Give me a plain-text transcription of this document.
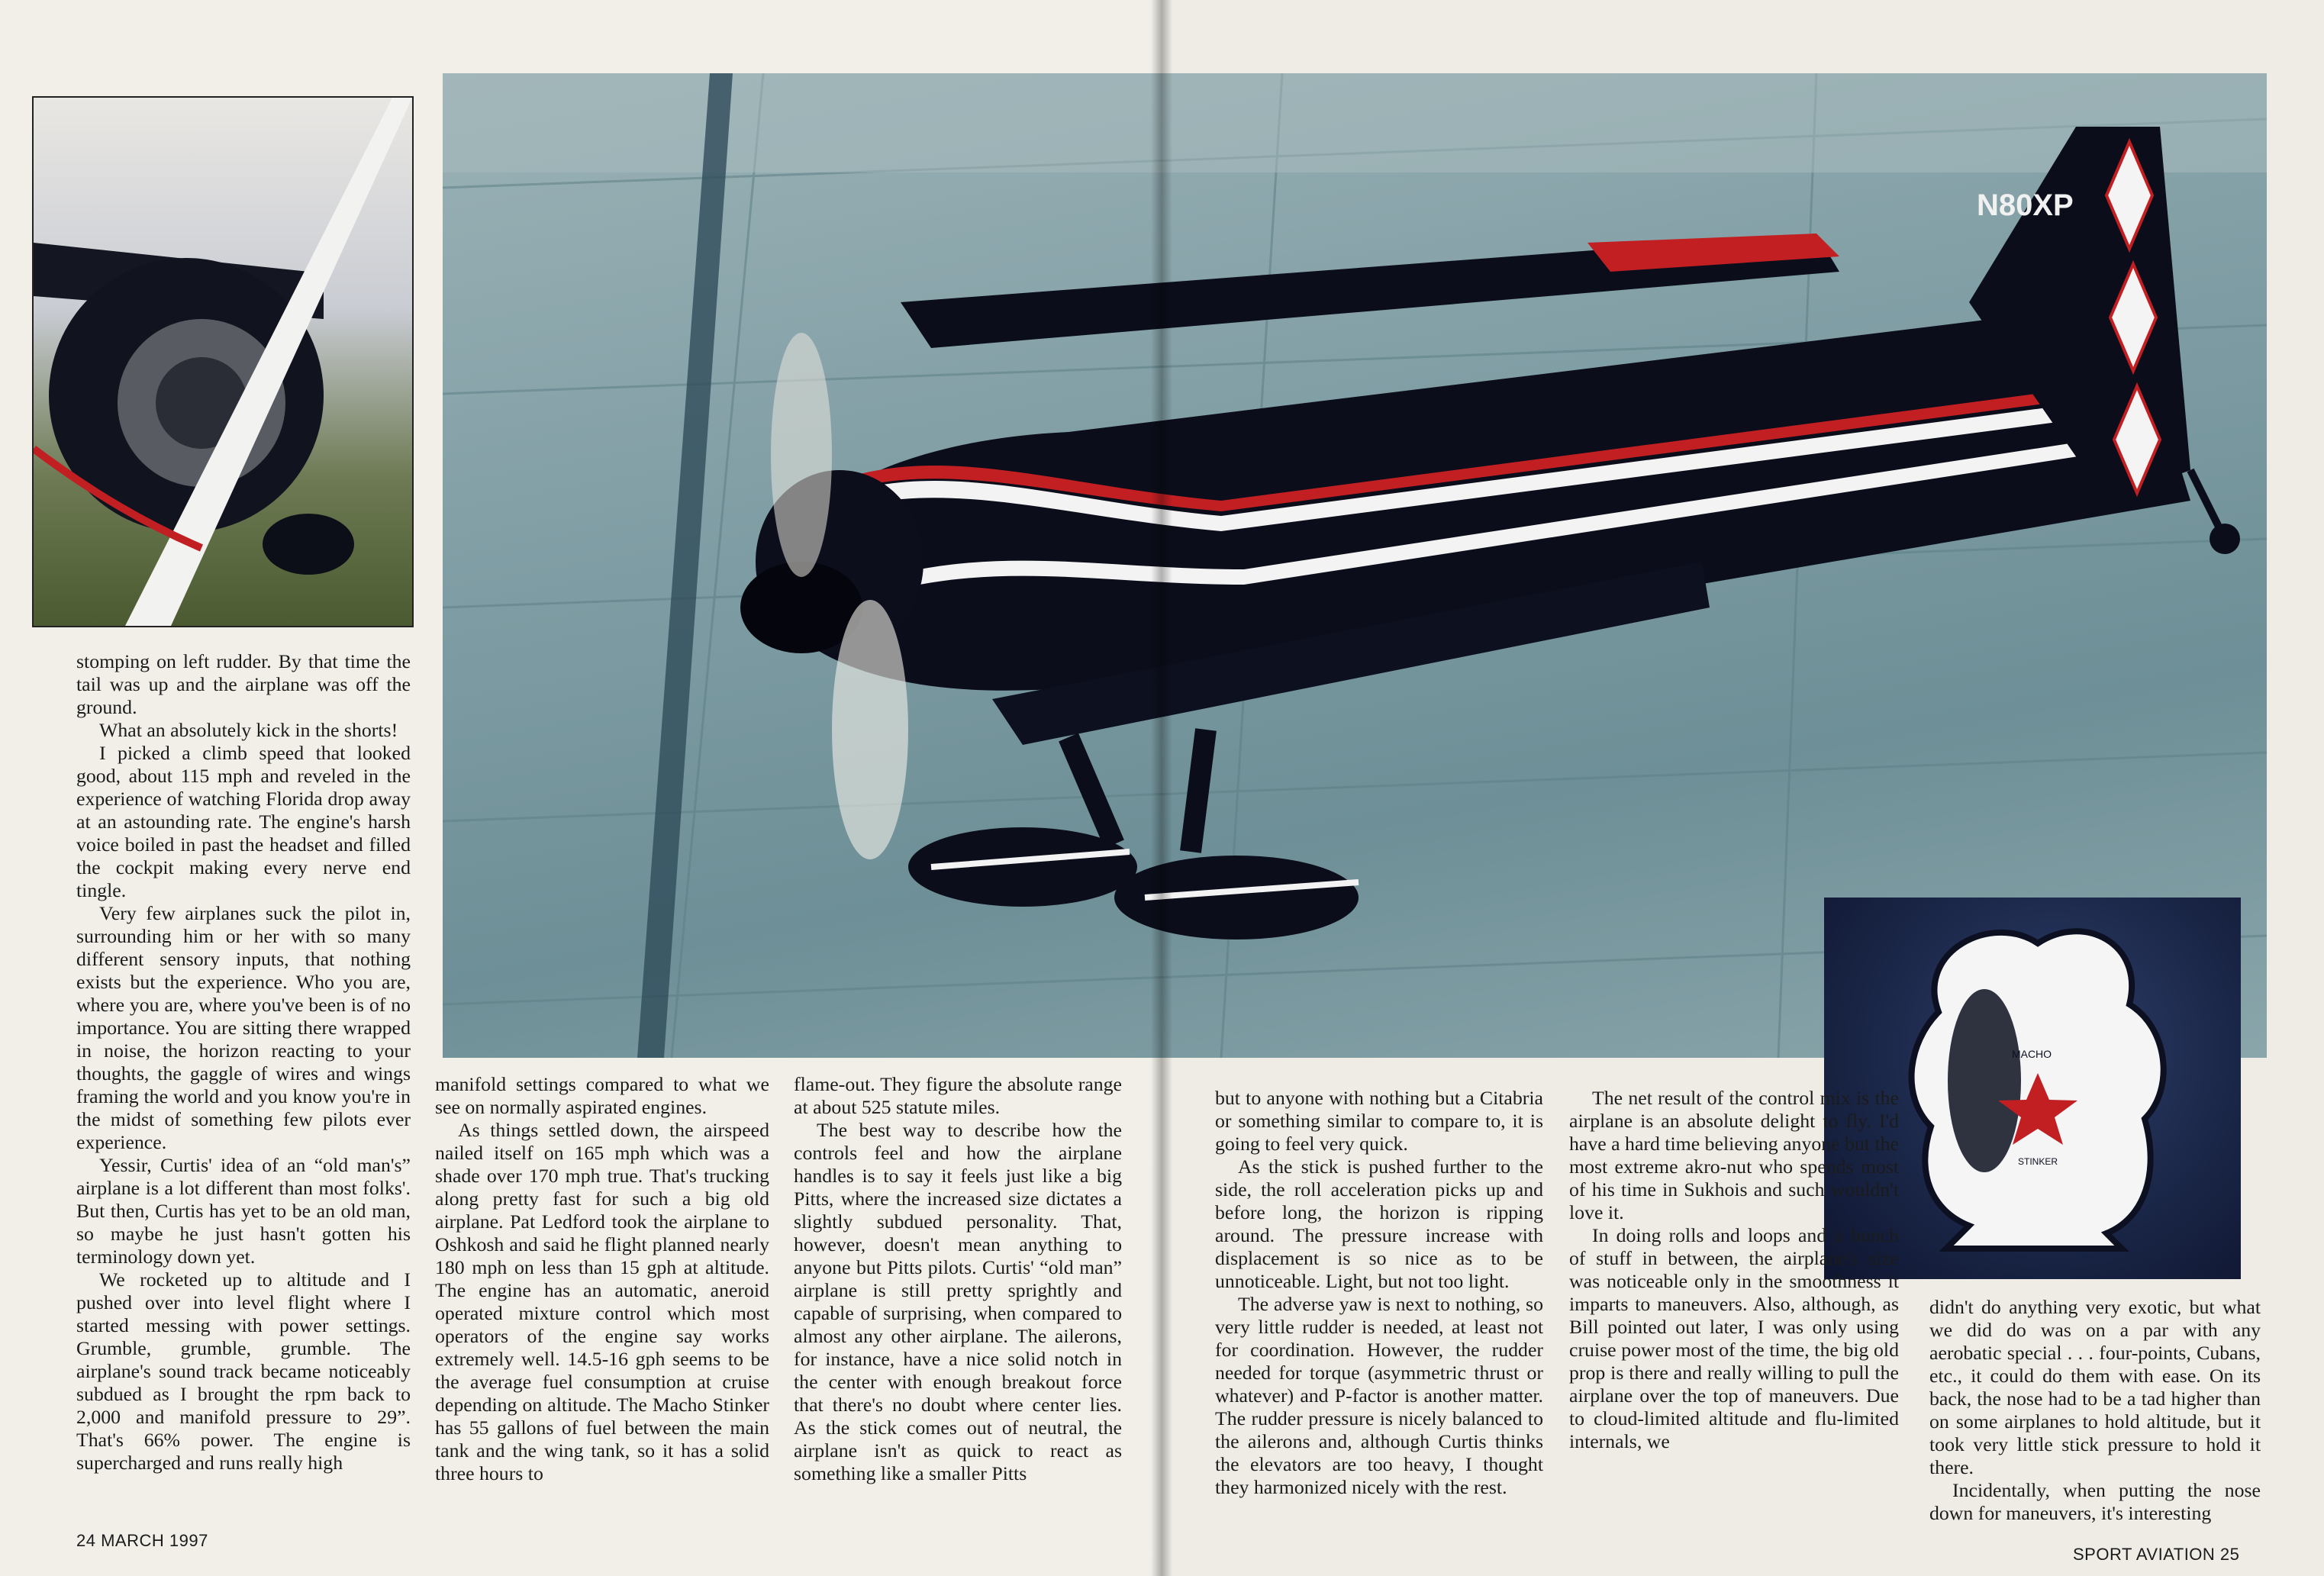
N80XP
MACHO
STINKER

stomping on left rudder. By that time the tail was up and the airplane was off the ground.

What an absolutely kick in the shorts!

I picked a climb speed that looked good, about 115 mph and reveled in the experience of watching Florida drop away at an astounding rate. The engine's harsh voice boiled in past the headset and filled the cockpit making every nerve end tingle.

Very few airplanes suck the pilot in, surrounding him or her with so many different sensory inputs, that nothing exists but the experience. Who you are, where you are, where you've been is of no importance. You are sitting there wrapped in noise, the horizon reacting to your thoughts, the gaggle of wires and wings framing the world and you know you're in the midst of something few pilots ever experience.

Yessir, Curtis' idea of an “old man's” airplane is a lot different than most folks'. But then, Curtis has yet to be an old man, so maybe he just hasn't gotten his terminology down yet.

We rocketed up to altitude and I pushed over into level flight where I started messing with power settings. Grumble, grumble, grumble. The airplane's sound track became noticeably subdued as I brought the rpm back to 2,000 and manifold pressure to 29”. That's 66% power. The engine is supercharged and runs really high

manifold settings compared to what we see on normally aspirated engines.

As things settled down, the airspeed nailed itself on 165 mph which was a shade over 170 mph true. That's trucking along pretty fast for such a big old airplane. Pat Ledford took the airplane to Oshkosh and said he flight planned nearly 180 mph on less than 15 gph at altitude. The engine has an automatic, aneroid operated mixture control which most operators of the engine say works extremely well. 14.5-16 gph seems to be the average fuel consumption at cruise depending on altitude. The Macho Stinker has 55 gallons of fuel between the main tank and the wing tank, so it has a solid three hours to

flame-out. They figure the absolute range at about 525 statute miles.

The best way to describe how the controls feel and how the airplane handles is to say it feels just like a big Pitts, where the increased size dictates a slightly subdued personality. That, however, doesn't mean anything to anyone but Pitts pilots. Curtis' “old man” airplane is still pretty sprightly and capable of surprising, when compared to almost any other airplane. The ailerons, for instance, have a nice solid notch in the center with enough breakout force that there's no doubt where center lies. As the stick comes out of neutral, the airplane isn't as quick to react as something like a smaller Pitts

but to anyone with nothing but a Citabria or something similar to compare to, it is going to feel very quick.

As the stick is pushed further to the side, the roll acceleration picks up and before long, the horizon is ripping around. The pressure increase with displacement is so nice as to be unnoticeable. Light, but not too light.

The adverse yaw is next to nothing, so very little rudder is needed, at least not for coordination. However, the rudder needed for torque (asymmetric thrust or whatever) and P-factor is another matter. The rudder pressure is nicely balanced to the ailerons and, although Curtis thinks the elevators are too heavy, I thought they harmonized nicely with the rest.

The net result of the control mix is the airplane is an absolute delight to fly. I'd have a hard time believing anyone but the most extreme akro-nut who spends most of his time in Sukhois and such wouldn't love it.

In doing rolls and loops and a bunch of stuff in between, the airplane's size was noticeable only in the smoothness it imparts to maneuvers. Also, although, as Bill pointed out later, I was only using cruise power most of the time, the big old prop is there and really willing to pull the airplane over the top of maneuvers. Due to cloud-limited altitude and flu-limited internals, we

didn't do anything very exotic, but what we did do was on a par with any aerobatic special . . . four-points, Cubans, etc., it could do them with ease. On its back, the nose had to be a tad higher than on some airplanes to hold altitude, but it took very little stick pressure to hold it there.

Incidentally, when putting the nose down for maneuvers, it's interesting

24 MARCH 1997
SPORT AVIATION 25
